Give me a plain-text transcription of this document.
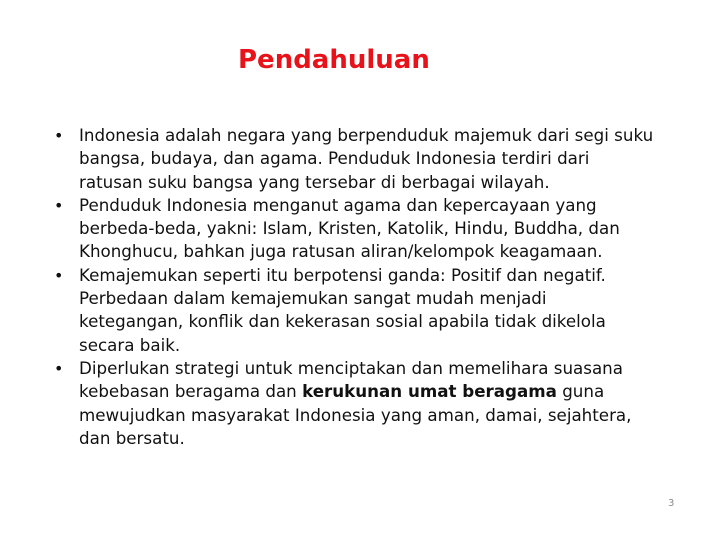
Pendahuluan
• Indonesia adalah negara yang berpenduduk majemuk dari segi suku
bangsa, budaya, dan agama. Penduduk Indonesia terdiri dari
ratusan suku bangsa yang tersebar di berbagai wilayah.
• Penduduk Indonesia menganut agama dan kepercayaan yang
berbeda-beda, yakni: Islam, Kristen, Katolik, Hindu, Buddha, dan
Khonghucu, bahkan juga ratusan aliran/kelompok keagamaan.
• Kemajemukan seperti itu berpotensi ganda: Positif dan negatif.
Perbedaan dalam kemajemukan sangat mudah menjadi
ketegangan, konflik dan kekerasan sosial apabila tidak dikelola
secara baik.
• Diperlukan strategi untuk menciptakan dan memelihara suasana
kebebasan beragama dan kerukunan umat beragama guna
mewujudkan masyarakat Indonesia yang aman, damai, sejahtera,
dan bersatu.
3
